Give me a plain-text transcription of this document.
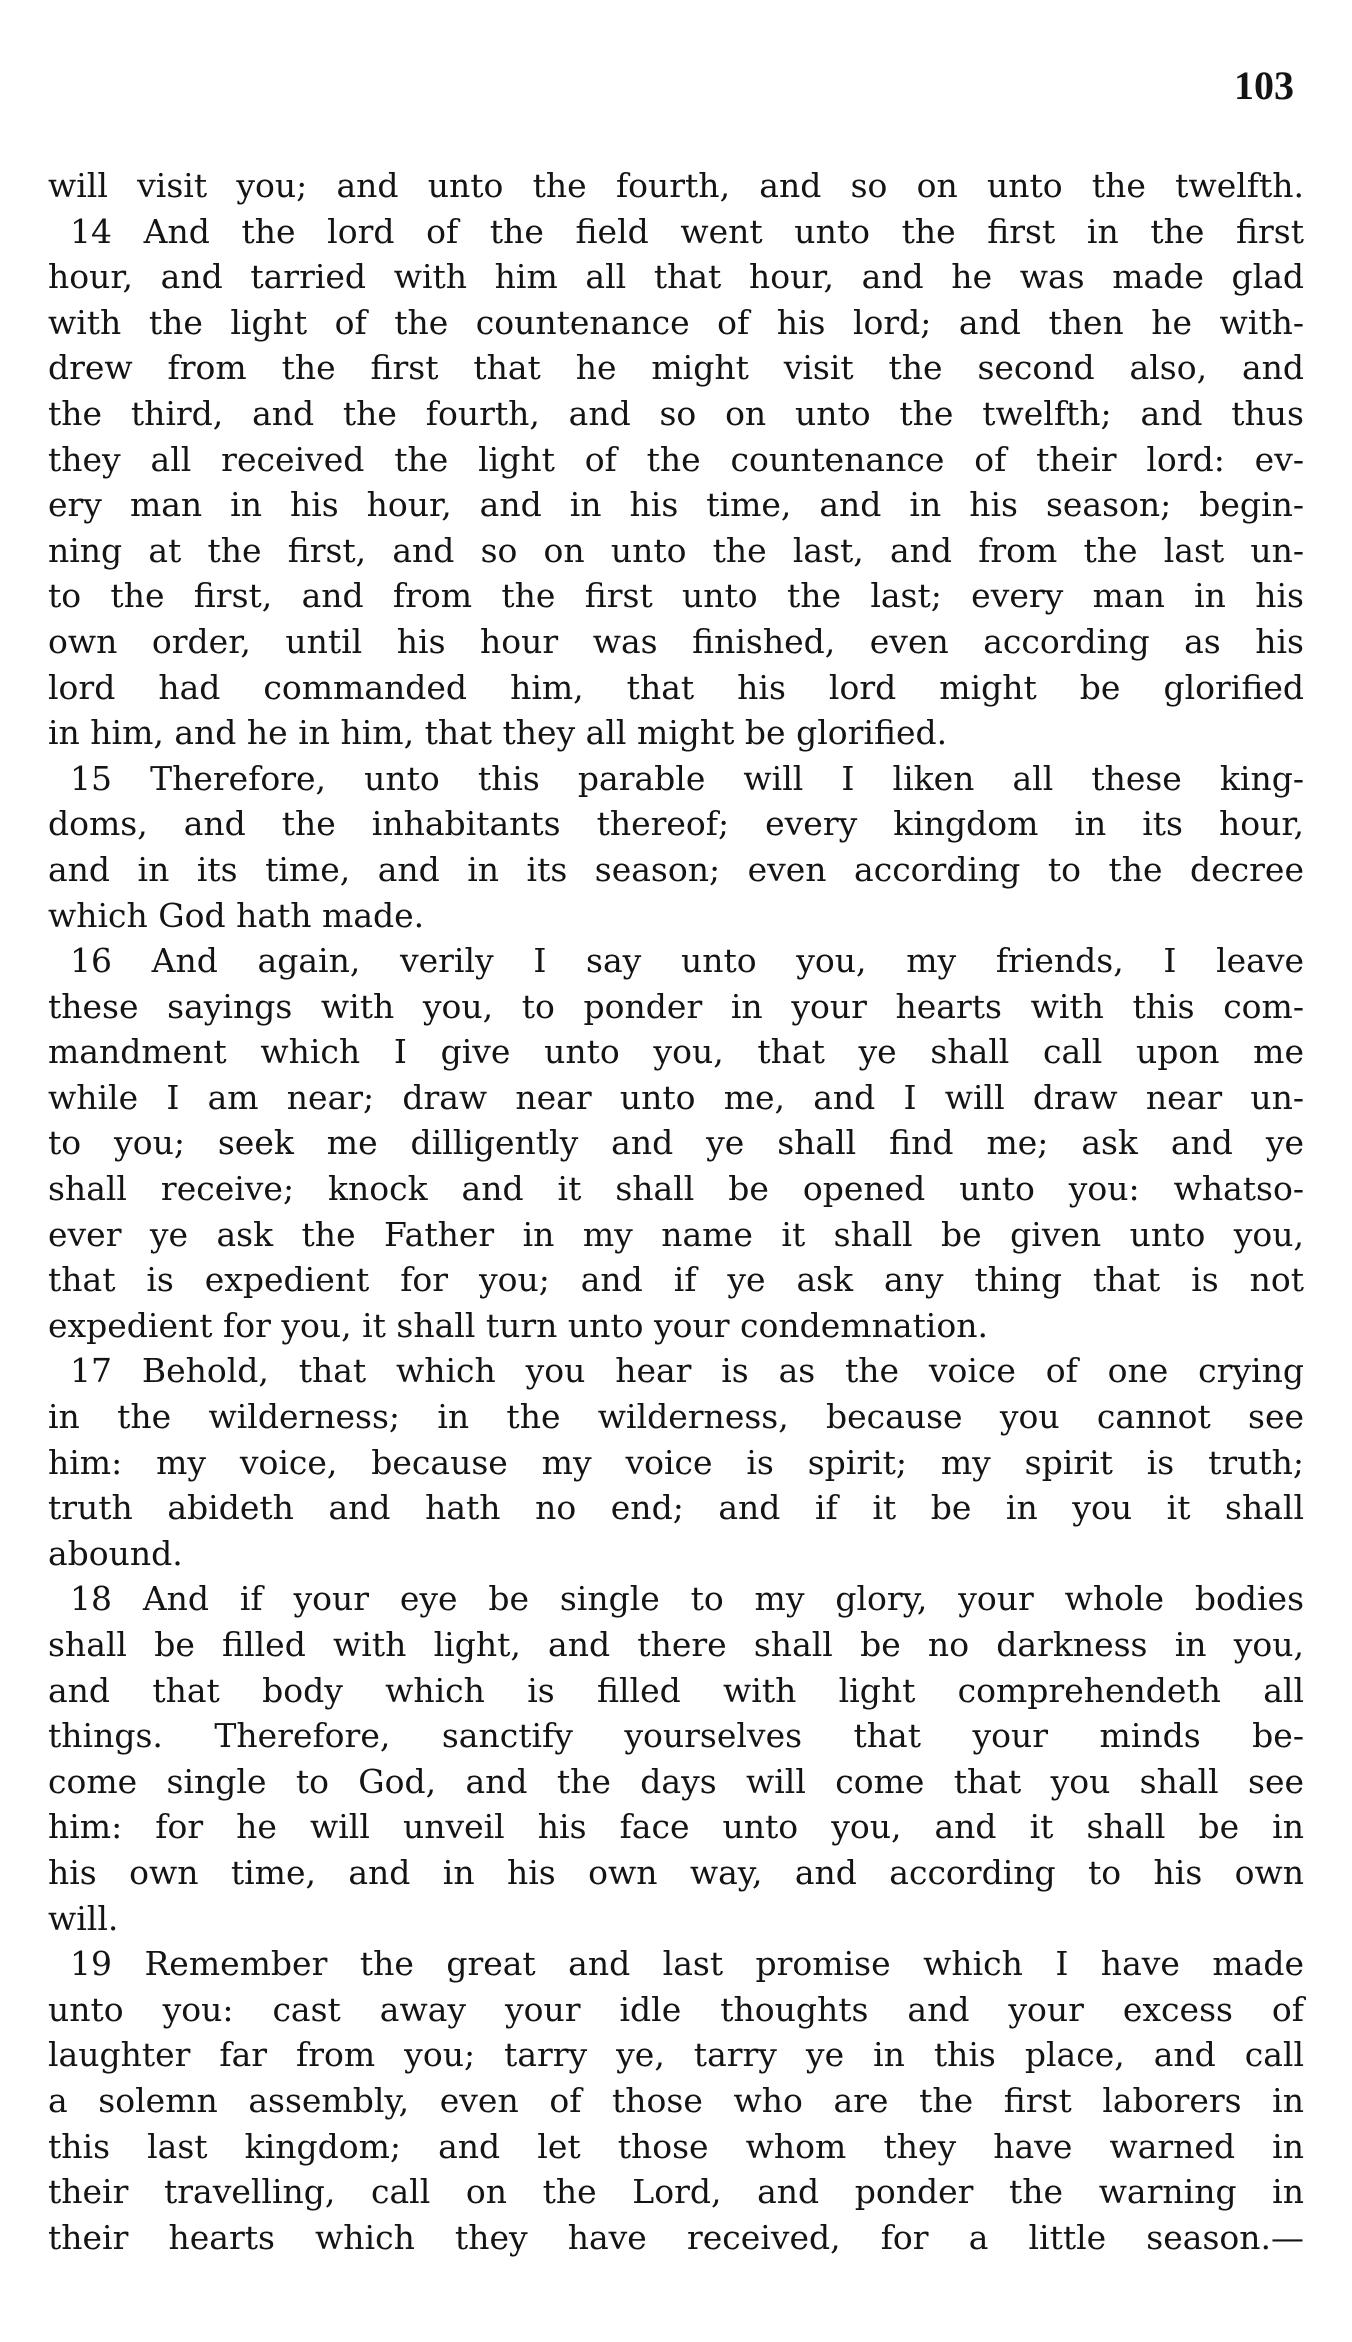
103
will visit you; and unto the fourth, and so on unto the twelfth.
14 And the lord of the field went unto the first in the first
hour, and tarried with him all that hour, and he was made glad
with the light of the countenance of his lord; and then he with-
drew from the first that he might visit the second also, and
the third, and the fourth, and so on unto the twelfth; and thus
they all received the light of the countenance of their lord: ev-
ery man in his hour, and in his time, and in his season; begin-
ning at the first, and so on unto the last, and from the last un-
to the first, and from the first unto the last; every man in his
own order, until his hour was finished, even according as his
lord had commanded him, that his lord might be glorified
in him, and he in him, that they all might be glorified.
15 Therefore, unto this parable will I liken all these king-
doms, and the inhabitants thereof; every kingdom in its hour,
and in its time, and in its season; even according to the decree
which God hath made.
16 And again, verily I say unto you, my friends, I leave
these sayings with you, to ponder in your hearts with this com-
mandment which I give unto you, that ye shall call upon me
while I am near; draw near unto me, and I will draw near un-
to you; seek me dilligently and ye shall find me; ask and ye
shall receive; knock and it shall be opened unto you: whatso-
ever ye ask the Father in my name it shall be given unto you,
that is expedient for you; and if ye ask any thing that is not
expedient for you, it shall turn unto your condemnation.
17 Behold, that which you hear is as the voice of one crying
in the wilderness; in the wilderness, because you cannot see
him: my voice, because my voice is spirit; my spirit is truth;
truth abideth and hath no end; and if it be in you it shall
abound.
18 And if your eye be single to my glory, your whole bodies
shall be filled with light, and there shall be no darkness in you,
and that body which is filled with light comprehendeth all
things. Therefore, sanctify yourselves that your minds be-
come single to God, and the days will come that you shall see
him: for he will unveil his face unto you, and it shall be in
his own time, and in his own way, and according to his own
will.
19 Remember the great and last promise which I have made
unto you: cast away your idle thoughts and your excess of
laughter far from you; tarry ye, tarry ye in this place, and call
a solemn assembly, even of those who are the first laborers in
this last kingdom; and let those whom they have warned in
their travelling, call on the Lord, and ponder the warning in
their hearts which they have received, for a little season.—
